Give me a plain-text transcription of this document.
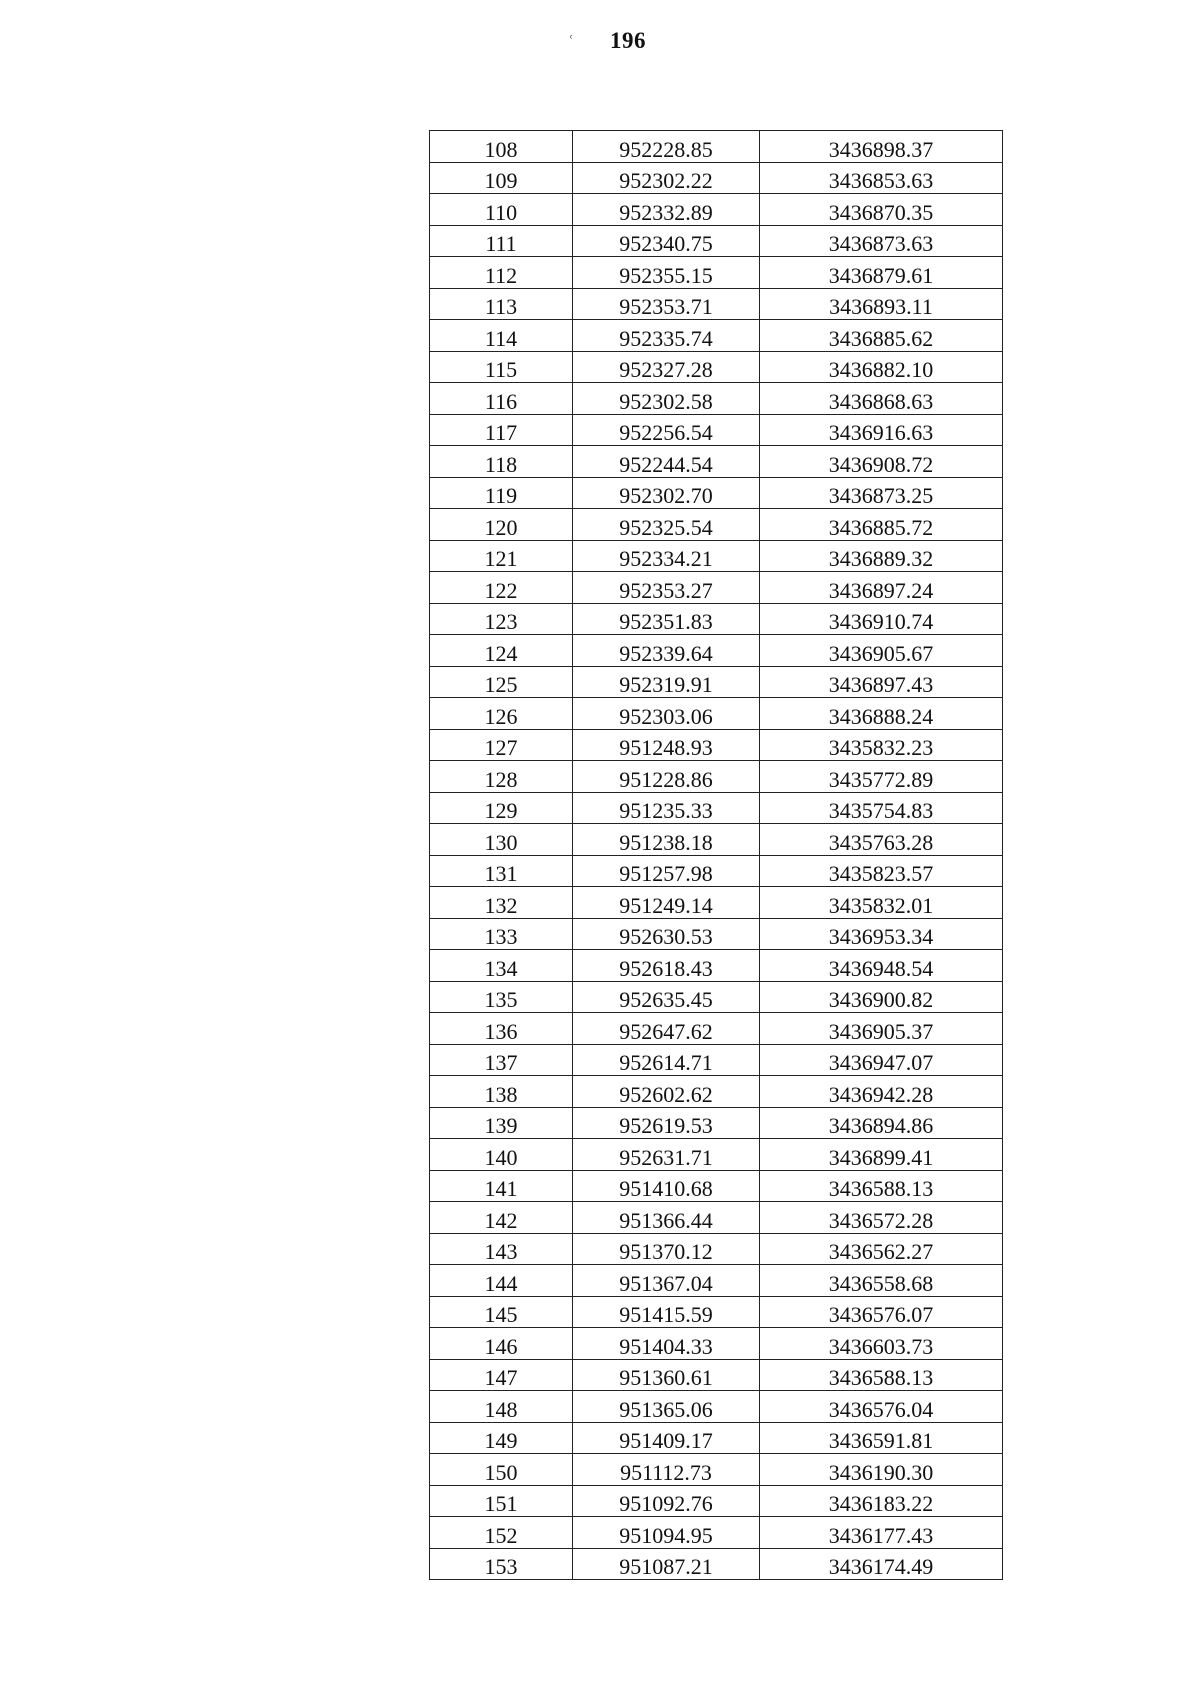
ʿ 196
108	952228.85	3436898.37
109	952302.22	3436853.63
110	952332.89	3436870.35
111	952340.75	3436873.63
112	952355.15	3436879.61
113	952353.71	3436893.11
114	952335.74	3436885.62
115	952327.28	3436882.10
116	952302.58	3436868.63
117	952256.54	3436916.63
118	952244.54	3436908.72
119	952302.70	3436873.25
120	952325.54	3436885.72
121	952334.21	3436889.32
122	952353.27	3436897.24
123	952351.83	3436910.74
124	952339.64	3436905.67
125	952319.91	3436897.43
126	952303.06	3436888.24
127	951248.93	3435832.23
128	951228.86	3435772.89
129	951235.33	3435754.83
130	951238.18	3435763.28
131	951257.98	3435823.57
132	951249.14	3435832.01
133	952630.53	3436953.34
134	952618.43	3436948.54
135	952635.45	3436900.82
136	952647.62	3436905.37
137	952614.71	3436947.07
138	952602.62	3436942.28
139	952619.53	3436894.86
140	952631.71	3436899.41
141	951410.68	3436588.13
142	951366.44	3436572.28
143	951370.12	3436562.27
144	951367.04	3436558.68
145	951415.59	3436576.07
146	951404.33	3436603.73
147	951360.61	3436588.13
148	951365.06	3436576.04
149	951409.17	3436591.81
150	951112.73	3436190.30
151	951092.76	3436183.22
152	951094.95	3436177.43
153	951087.21	3436174.49
